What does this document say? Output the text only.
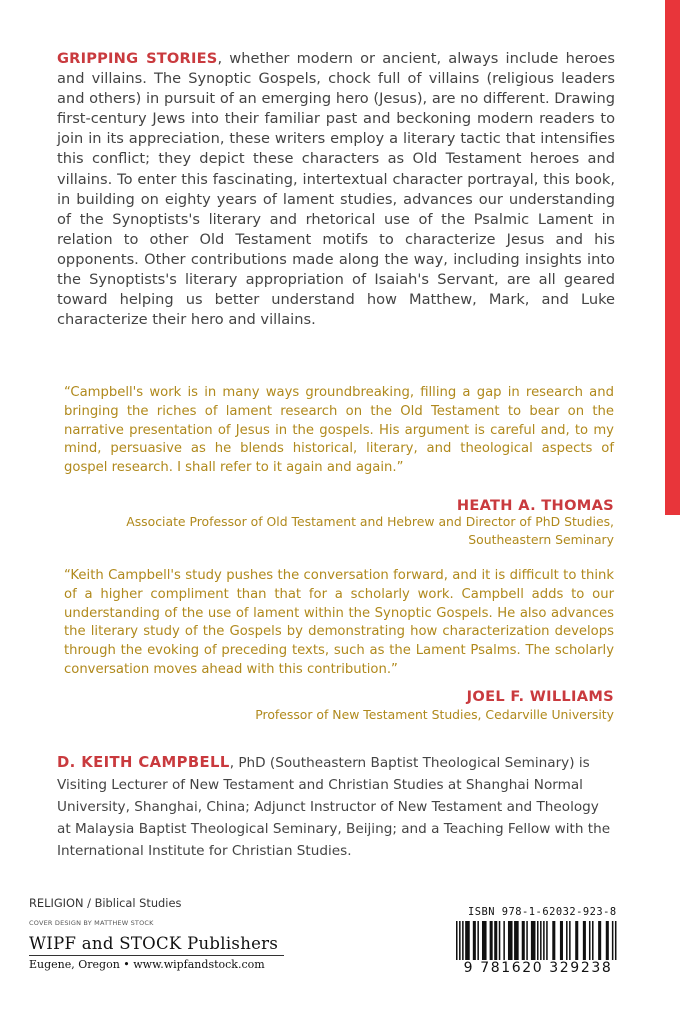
GRIPPING STORIES, whether modern or ancient, always include heroes and villains. The Synoptic Gospels, chock full of villains (religious leaders and others) in pursuit of an emerging hero (Jesus), are no different. Drawing first-century Jews into their familiar past and beckoning modern readers to join in its appreciation, these writers employ a literary tactic that intensifies this conflict; they depict these characters as Old Testament heroes and villains. To enter this fascinating, intertextual character portrayal, this book, in building on eighty years of lament studies, advances our understanding of the Synoptists's literary and rhetorical use of the Psalmic Lament in relation to other Old Testament motifs to characterize Jesus and his opponents. Other contributions made along the way, including insights into the Synoptists's literary appropriation of Isaiah's Servant, are all geared toward helping us better understand how Matthew, Mark, and Luke characterize their hero and villains.

“Campbell's work is in many ways groundbreaking, filling a gap in research and bringing the riches of lament research on the Old Testament to bear on the narrative presentation of Jesus in the gospels. His argument is careful and, to my mind, persuasive as he blends historical, literary, and theological aspects of gospel research. I shall refer to it again and again.”

HEATH A. THOMAS
Associate Professor of Old Testament and Hebrew and Director of PhD Studies, Southeastern Seminary

“Keith Campbell's study pushes the conversation forward, and it is difficult to think of a higher compliment than that for a scholarly work. Campbell adds to our understanding of the use of lament within the Synoptic Gospels. He also advances the literary study of the Gospels by demonstrating how characterization develops through the evoking of preceding texts, such as the Lament Psalms. The scholarly conversation moves ahead with this contribution.”

JOEL F. WILLIAMS
Professor of New Testament Studies, Cedarville University

D. KEITH CAMPBELL, PhD (Southeastern Baptist Theological Seminary) is Visiting Lecturer of New Testament and Christian Studies at Shanghai Normal University, Shanghai, China; Adjunct Instructor of New Testament and Theology at Malaysia Baptist Theological Seminary, Beijing; and a Teaching Fellow with the International Institute for Christian Studies.

RELIGION / Biblical Studies
COVER DESIGN BY MATTHEW STOCK
WIPF and STOCK Publishers
Eugene, Oregon • www.wipfandstock.com
ISBN 978-1-62032-923-8
9 781620 329238
